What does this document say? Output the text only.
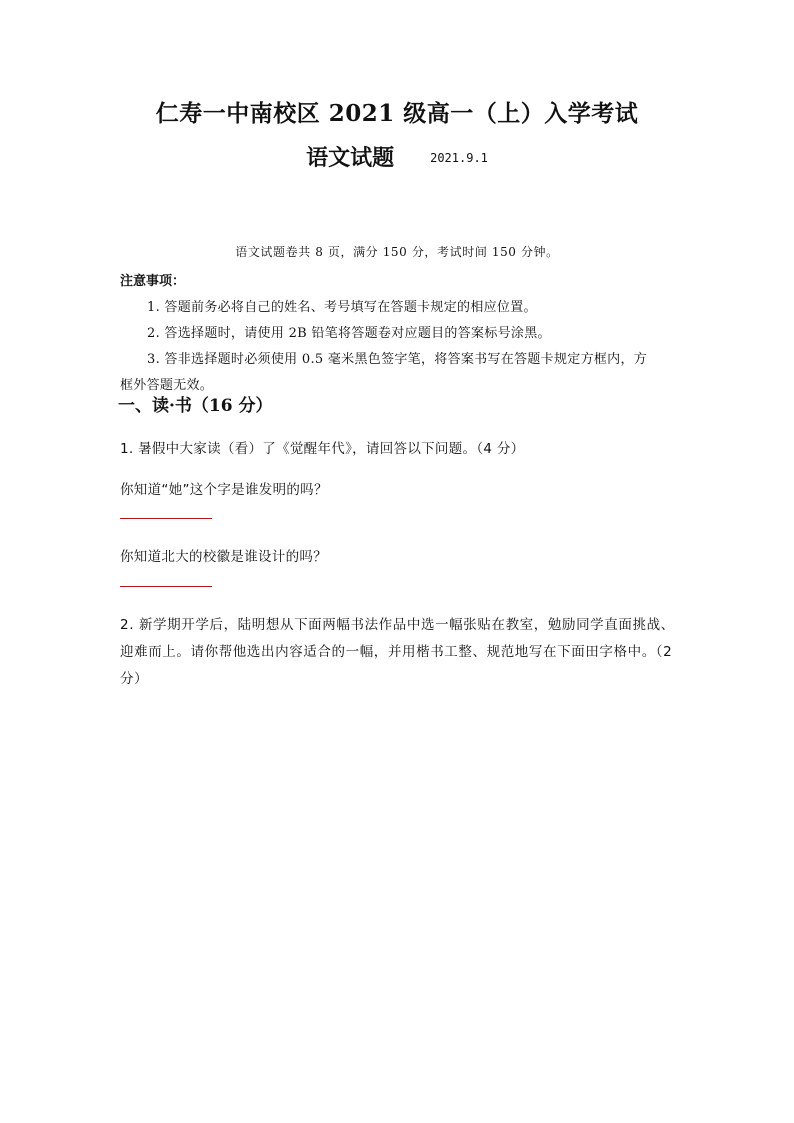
仁寿一中南校区 2021 级高一（上）入学考试
语文试题	2021.9.1
语文试题卷共 8 页，满分 150 分，考试时间 150 分钟。
注意事项：
1. 答题前务必将自己的姓名、考号填写在答题卡规定的相应位置。
2. 答选择题时，请使用 2B 铅笔将答题卷对应题目的答案标号涂黑。
3. 答非选择题时必须使用 0.5 毫米黑色签字笔，将答案书写在答题卡规定方框内，方
框外答题无效。
一、读·书（16 分）
1. 暑假中大家读（看）了《觉醒年代》，请回答以下问题。（4 分）
你知道“她”这个字是谁发明的吗？
你知道北大的校徽是谁设计的吗？
2. 新学期开学后，陆明想从下面两幅书法作品中选一幅张贴在教室，勉励同学直面挑战、
迎难而上。请你帮他选出内容适合的一幅，并用楷书工整、规范地写在下面田字格中。（2
分）
